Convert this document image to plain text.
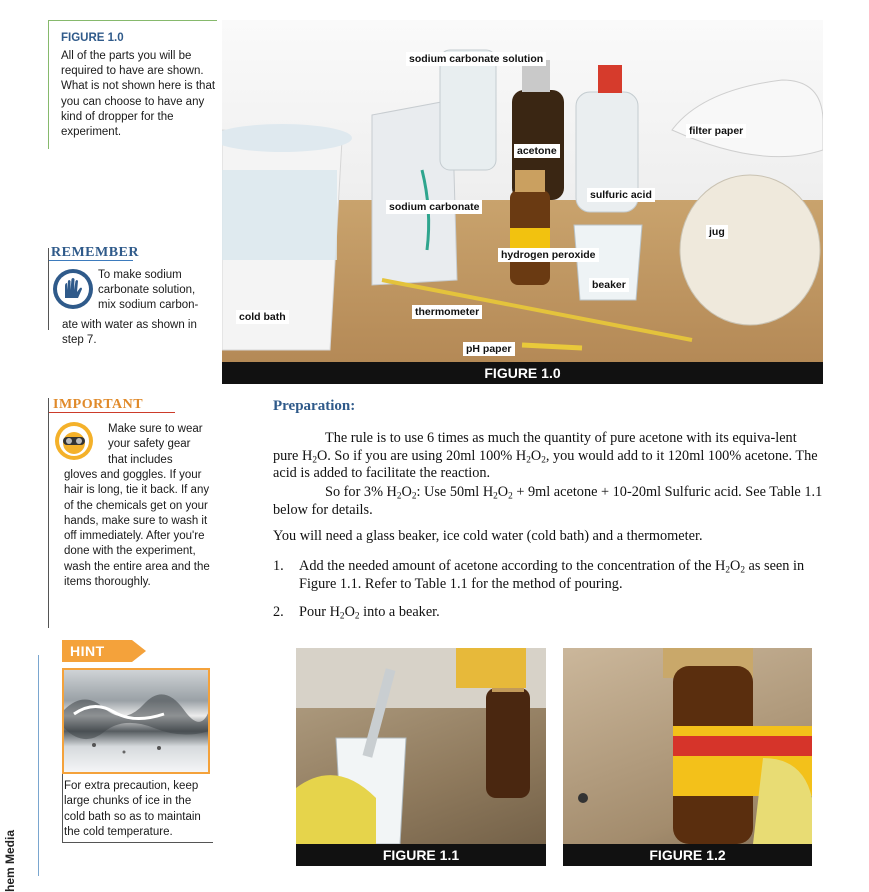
FIGURE 1.0
All of the parts you will be required to have are shown. What is not shown here is that you can choose to have any kind of dropper for the experiment.
REMEMBER
To make sodium carbonate solution, mix sodium carbon-
ate with water as shown in step 7.
IMPORTANT
Make sure to wear your safety gear that includes
gloves and goggles. If your hair is long, tie it back. If any of the chemicals get on your hands, make sure to wash it off immediately. After you're done with the experiment, wash the entire area and the items thoroughly.
HINT
For extra precaution, keep large chunks of ice in the cold bath so as to maintain the cold temperature.
hem Media
sodium carbonate solution
acetone
sulfuric acid
filter paper
sodium carbonate
jug
hydrogen peroxide
beaker
cold bath	thermometer
pH paper
FIGURE 1.0
Preparation:
The rule is to use 6 times as much the quantity of pure acetone with its equiva-lent pure $H_2O$. So if you are using 20ml 100% $H_2O_2$, you would add to it 120ml 100% acetone. The acid is added to facilitate the reaction.
So for 3% $H_2O_2$: Use 50ml $H_2O_2 + 9ml$ acetone + 10-20ml Sulfuric acid. See Table 1.1 below for details.
You will need a glass beaker, ice cold water (cold bath) and a thermometer.
1. Add the needed amount of acetone according to the concentration of the $H_2O_2$ as seen in Figure 1.1. Refer to Table 1.1 for the method of pouring.
2. Pour $H_2O_2$ into a beaker.
FIGURE 1.1	FIGURE 1.2
